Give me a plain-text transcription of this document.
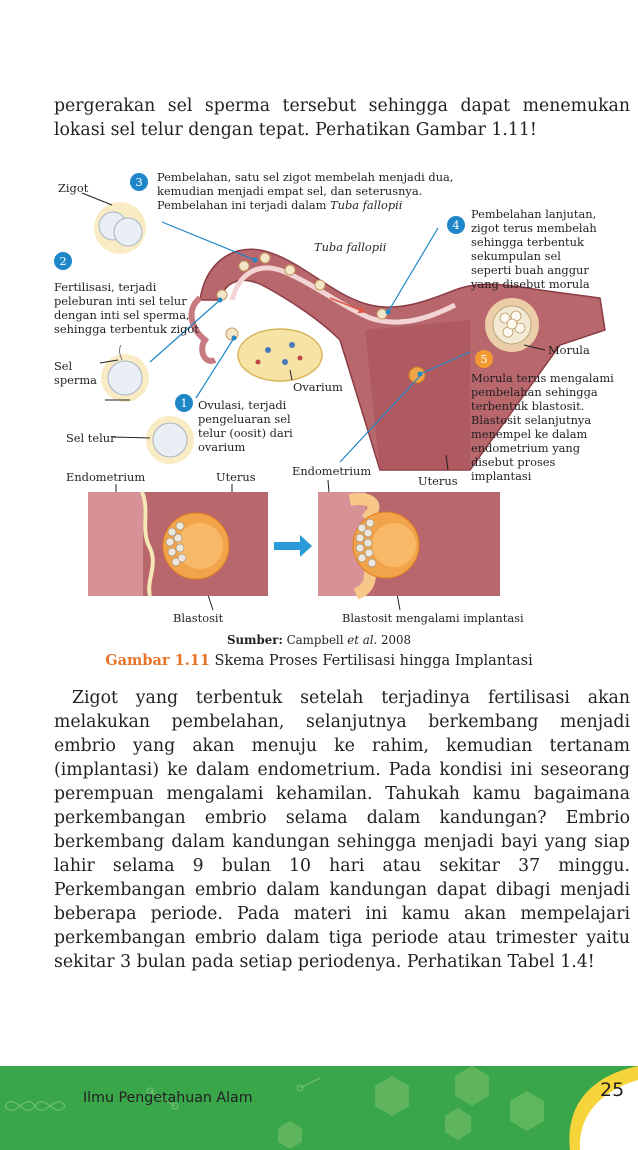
pergerakan sel sperma tersebut sehingga dapat menemukan lokasi sel telur dengan tepat. Perhatikan Gambar 1.11!
Zigot	3	Pembelahan, satu sel zigot membelah menjadi dua, kemudian menjadi empat sel, dan seterusnya. Pembelahan ini terjadi dalam Tuba fallopii
4
Pembelahan lanjutan, zigot terus membelah sehingga terbentuk sekumpulan sel seperti buah anggur yang disebut morula
Tuba fallopii
2
Fertilisasi, terjadi peleburan inti sel telur dengan inti sel sperma, sehingga terbentuk zigot
Morula
5
Morula terus mengalami pembelahan sehingga terbentuk blastosit. Blastosit selanjutnya menempel ke dalam endometrium yang disebut proses implantasi
Sel sperma	Ovarium
1 Ovulasi, terjadi pengeluaran sel telur (oosit) dari ovarium
Sel telur
Endometrium
Uterus
Endometrium	Uterus
Blastosit	Blastosit mengalami implantasi
Sumber: Campbell et al. 2008
Gambar 1.11 Skema Proses Fertilisasi hingga Implantasi
Zigot yang terbentuk setelah terjadinya fertilisasi akan melakukan pembelahan, selanjutnya berkembang menjadi embrio yang akan menuju ke rahim, kemudian tertanam (implantasi) ke dalam endometrium. Pada kondisi ini seseorang perempuan mengalami kehamilan. Tahukah kamu bagaimana perkembangan embrio selama dalam kandungan? Embrio berkembang dalam kandungan sehingga menjadi bayi yang siap lahir selama 9 bulan 10 hari atau sekitar 37 minggu. Perkembangan embrio dalam kandungan dapat dibagi menjadi beberapa periode. Pada materi ini kamu akan mempelajari perkembangan embrio dalam tiga periode atau trimester yaitu sekitar 3 bulan pada setiap periodenya. Perhatikan Tabel 1.4!
Ilmu Pengetahuan Alam	25
